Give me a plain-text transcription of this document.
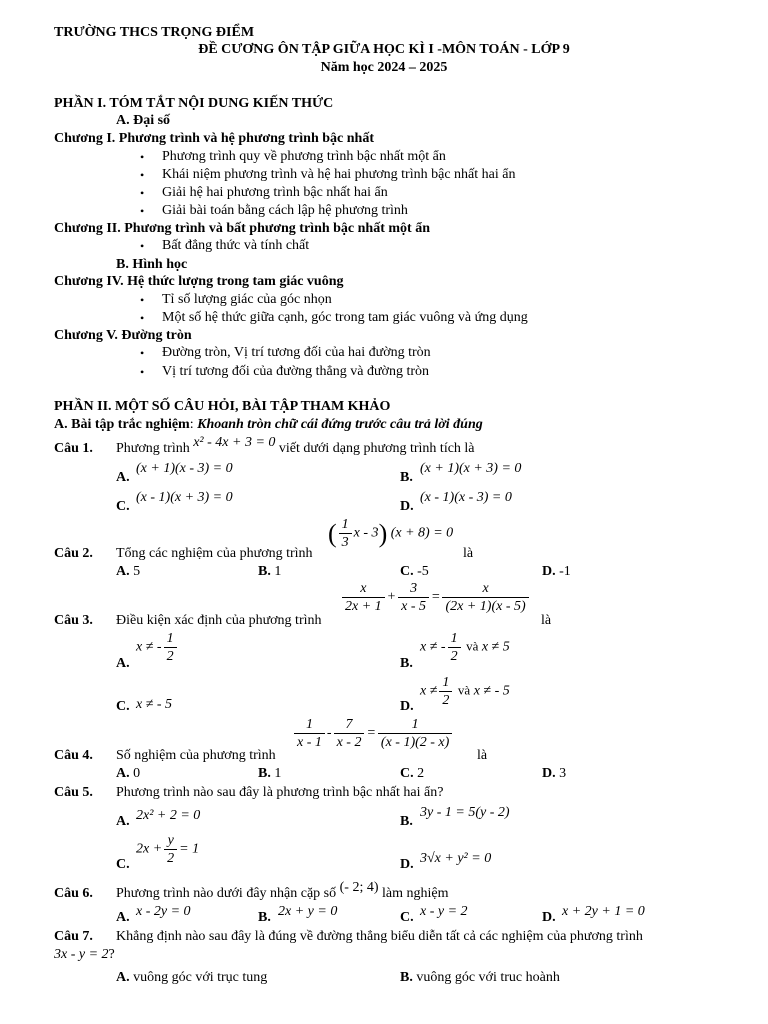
TRƯỜNG THCS TRỌNG ĐIỂM
ĐỀ CƯƠNG ÔN TẬP GIỮA HỌC KÌ I -MÔN TOÁN - LỚP 9
Năm học 2024 – 2025
PHẦN I. TÓM TẮT NỘI DUNG KIẾN THỨC
A. Đại số
Chương I. Phương trình và hệ phương trình bậc nhất
• Phương trình quy về phương trình bậc nhất một ẩn
• Khái niệm phương trình và hệ hai phương trình bậc nhất hai ẩn
• Giải hệ hai phương trình bậc nhất hai ẩn
• Giải bài toán bằng cách lập hệ phương trình
Chương II. Phương trình và bất phương trình bậc nhất một ẩn
• Bất đẳng thức và tính chất
B. Hình học
Chương IV. Hệ thức lượng trong tam giác vuông
• Tỉ số lượng giác của góc nhọn
• Một số hệ thức giữa cạnh, góc trong tam giác vuông và ứng dụng
Chương V. Đường tròn
• Đường tròn, Vị trí tương đối của hai đường tròn
• Vị trí tương đối của đường thẳng và đường tròn
PHẦN II. MỘT SỐ CÂU HỎI, BÀI TẬP THAM KHẢO
A. Bài tập trắc nghiệm: Khoanh tròn chữ cái đứng trước câu trả lời đúng
Câu 1. Phương trình x² - 4x + 3 = 0 viết dưới dạng phương trình tích là
A.
(x + 1)(x - 3) = 0
B.
(x + 1)(x + 3) = 0
C.
(x - 1)(x + 3) = 0
D.
(x - 1)(x - 3) = 0
Câu 2. Tổng các nghiệm của phương trình
( $\frac{1}{3}$ x - 3) (x + 8) = 0
là
A. 5	B. 1	C. -5	D. -1
Câu 3. Điều kiện xác định của phương trình
$\frac{x}{2x + 1} + \frac{3}{x - 5} = \frac{x}{(2x + 1)(x - 5)}$
là
A.
x ≠ - $\frac{1}{2}$	B.
x ≠ - $\frac{1}{2}$ và x ≠ 5
C. x ≠ - 5	D.
$x \ne \frac{1}{2}$ và x ≠ - 5
Câu 4. Số nghiệm của phương trình
$\frac{1}{x - 1} - \frac{7}{x - 2} = \frac{1}{(x - 1)(2 - x)}$
là
A. 0	B. 1	C. 2	D. 3
Câu 5. Phương trình nào sau đây là phương trình bậc nhất hai ẩn?
A. 2x² + 2 = 0	B.
3y - 1 = 5(y - 2)
C.
$2x + \frac{y}{2} = 1$
D. 3√x + y² = 0
Câu 6. Phương trình nào dưới đây nhận cặp số (- 2; 4) làm nghiệm
A. x - 2y = 0	B. 2x + y = 0	C. x - y = 2	D. x + 2y + 1 = 0
Câu 7. Khẳng định nào sau đây là đúng về đường thẳng biểu diễn tất cả các nghiệm của phương trình
3x - y = 2?
A. vuông góc với trục tung	B. vuông góc với truc hoành
